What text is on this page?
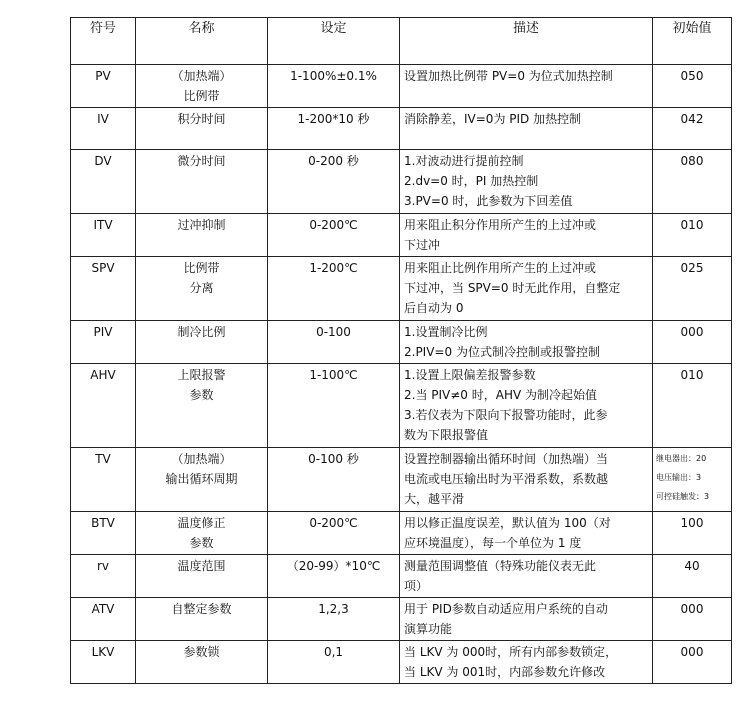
符号	名称	设定	描述	初始值

PV	（加热端）
比例带	1-100%±0.1%	设置加热比例带 PV=0 为位式加热控制	050

IV	积分时间	1-200*10 秒	消除静差，IV=0为 PID 加热控制	042

DV	微分时间	0-200 秒	1.对波动进行提前控制
2.dv=0 时，PI 加热控制
3.PV=0 时，此参数为下回差值	080

ITV	过冲抑制	0-200℃	用来阻止积分作用所产生的上过冲或
下过冲	010

SPV	比例带
分离	1-200℃	用来阻止比例作用所产生的上过冲或
下过冲，当 SPV=0 时无此作用，自整定
后自动为 0	025

PIV	制冷比例	0-100	1.设置制冷比例
2.PIV=0 为位式制冷控制或报警控制	000

AHV	上限报警
参数	1-100℃	1.设置上限偏差报警参数
2.当 PIV≠0 时，AHV 为制冷起始值
3.若仪表为下限向下报警功能时，此参
数为下限报警值	010

TV	（加热端）
输出循环周期	0-100 秒	设置控制器输出循环时间（加热端）当
电流或电压输出时为平滑系数，系数越
大，越平滑	继电器出：20
电压输出：3
可控硅触发：3

BTV	温度修正
参数	0-200℃	用以修正温度误差，默认值为 100（对
应环境温度），每一个单位为 1 度	100

rv	温度范围	（20-99）*10℃	测量范围调整值（特殊功能仪表无此
项）	40

ATV	自整定参数	1,2,3	用于 PID参数自动适应用户系统的自动
演算功能	000

LKV	参数锁	0,1	当 LKV 为 000时，所有内部参数锁定，
当 LKV 为 001时，内部参数允许修改	000
